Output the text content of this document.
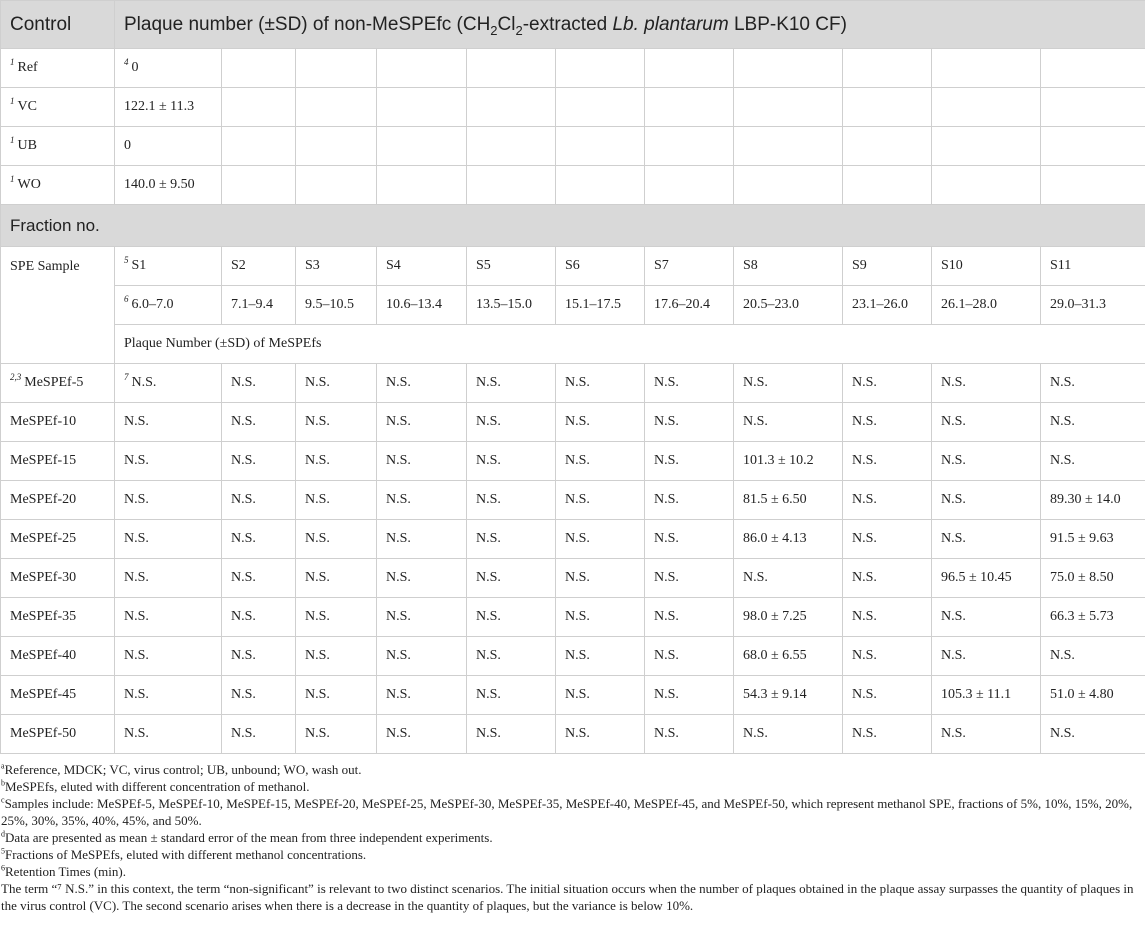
Control	Plaque number (±SD) of non-MeSPEfc ($CH_2Cl_2$-extracted Lb. plantarum LBP-K10 CF)											
$^1$ Ref	$^4$ 0											
$^1$ VC	122.1 ± 11.3											
$^1$ UB	0											
$^1$ WO	140.0 ± 9.50											
Fraction no.												
SPE Sample	$^5$ S1	S2	S3	S4	S5	S6	S7	S8	S9	S10	S11	
	$^6$ 6.0–7.0	7.1–9.4	9.5–10.5	10.6–13.4	13.5–15.0	15.1–17.5	17.6–20.4	20.5–23.0	23.1–26.0	26.1–28.0	29.0–31.3	
	Plaque Number (±SD) of MeSPEfs											
$^{2,3}$ MeSPEf-5	$^7$ N.S.	N.S.	N.S.	N.S.	N.S.	N.S.	N.S.	N.S.	N.S.	N.S.	N.S.	
MeSPEf-10	N.S.	N.S.	N.S.	N.S.	N.S.	N.S.	N.S.	N.S.	N.S.	N.S.	N.S.	
MeSPEf-15	N.S.	N.S.	N.S.	N.S.	N.S.	N.S.	N.S.	101.3 ± 10.2	N.S.	N.S.	N.S.	
MeSPEf-20	N.S.	N.S.	N.S.	N.S.	N.S.	N.S.	N.S.	81.5 ± 6.50	N.S.	N.S.	89.30 ± 14.0	
MeSPEf-25	N.S.	N.S.	N.S.	N.S.	N.S.	N.S.	N.S.	86.0 ± 4.13	N.S.	N.S.	91.5 ± 9.63	
MeSPEf-30	N.S.	N.S.	N.S.	N.S.	N.S.	N.S.	N.S.	N.S.	N.S.	96.5 ± 10.45	75.0 ± 8.50	
MeSPEf-35	N.S.	N.S.	N.S.	N.S.	N.S.	N.S.	N.S.	98.0 ± 7.25	N.S.	N.S.	66.3 ± 5.73	
MeSPEf-40	N.S.	N.S.	N.S.	N.S.	N.S.	N.S.	N.S.	68.0 ± 6.55	N.S.	N.S.	N.S.	
MeSPEf-45	N.S.	N.S.	N.S.	N.S.	N.S.	N.S.	N.S.	54.3 ± 9.14	N.S.	105.3 ± 11.1	51.0 ± 4.80	
MeSPEf-50	N.S.	N.S.	N.S.	N.S.	N.S.	N.S.	N.S.	N.S.	N.S.	N.S.	N.S.	
$^a$Reference, MDCK; VC, virus control; UB, unbound; WO, wash out.
$^b$MeSPEfs, eluted with different concentration of methanol.
$^c$Samples include: MeSPEf-5, MeSPEf-10, MeSPEf-15, MeSPEf-20, MeSPEf-25, MeSPEf-30, MeSPEf-35, MeSPEf-40, MeSPEf-45, and MeSPEf-50, which represent methanol SPE, fractions of 5%, 10%, 15%, 20%, 25%, 30%, 35%, 40%, 45%, and 50%.
$^d$Data are presented as mean ± standard error of the mean from three independent experiments.
$^5$Fractions of MeSPEfs, eluted with different methanol concentrations.
$^6$Retention Times (min).
The term “⁷ N.S.” in this context, the term “non-significant” is relevant to two distinct scenarios. The initial situation occurs when the number of plaques obtained in the plaque assay surpasses the quantity of plaques in the virus control (VC). The second scenario arises when there is a decrease in the quantity of plaques, but the variance is below 10%.
